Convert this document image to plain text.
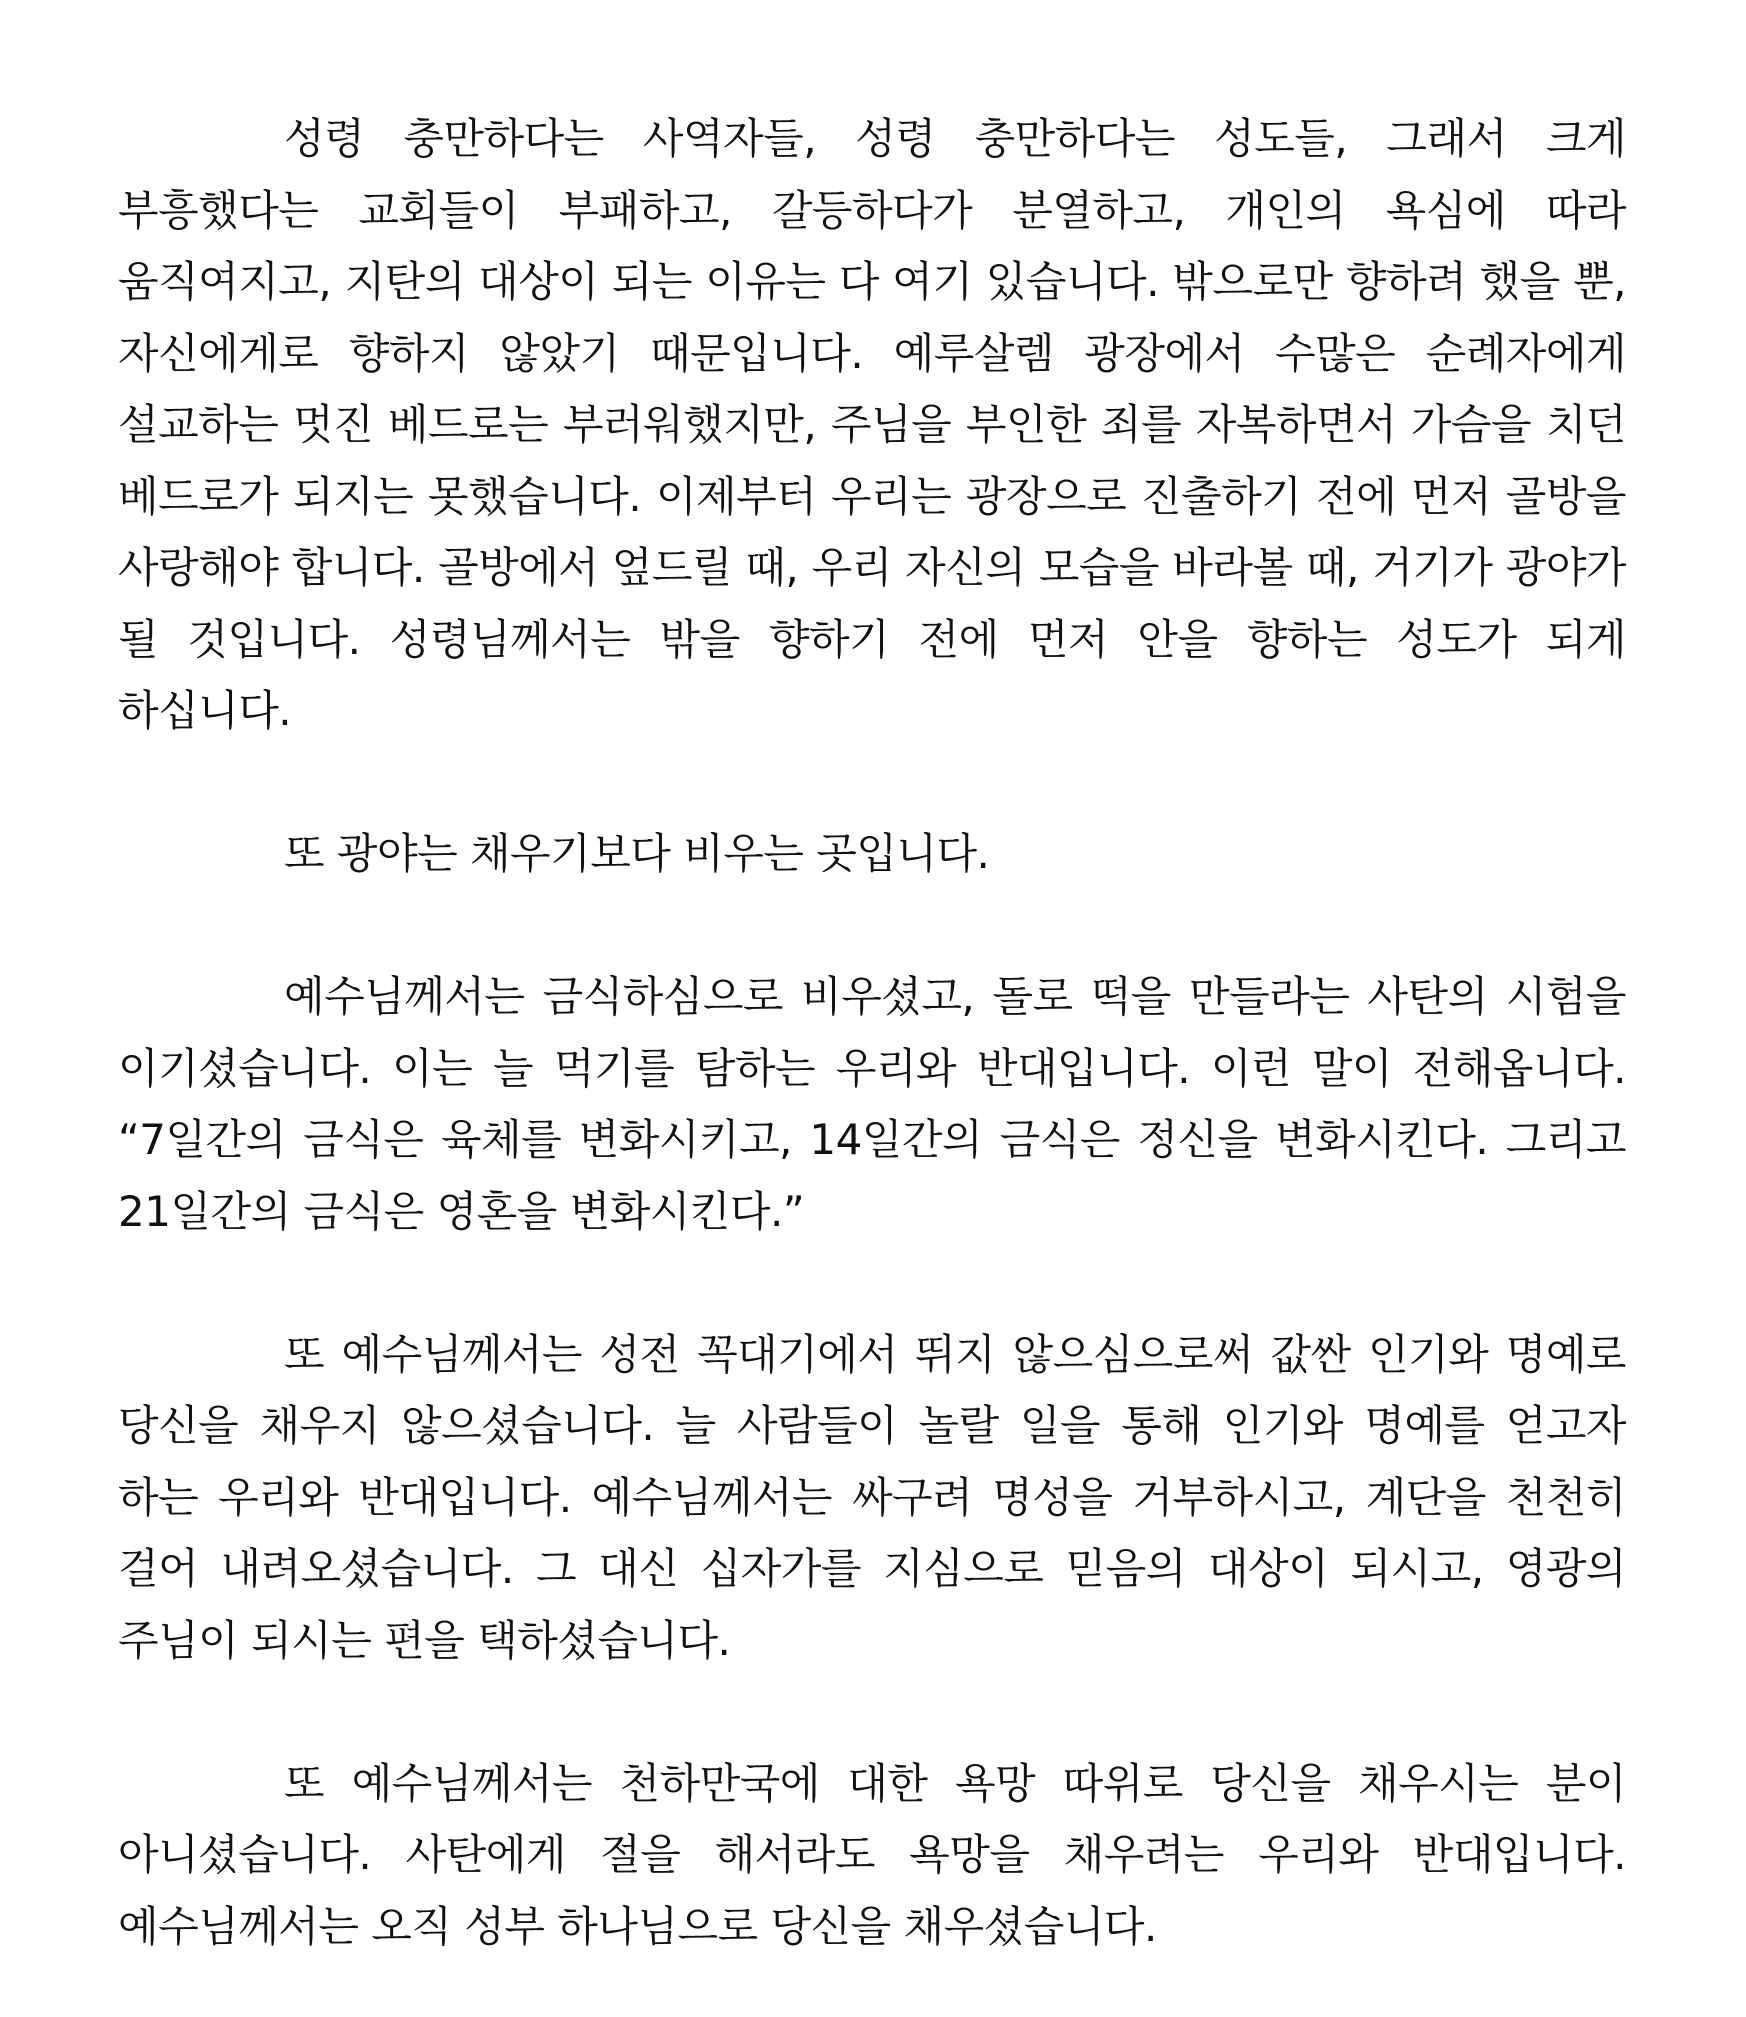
성령 충만하다는 사역자들, 성령 충만하다는 성도들, 그래서 크게 부흥했다는 교회들이 부패하고, 갈등하다가 분열하고, 개인의 욕심에 따라 움직여지고, 지탄의 대상이 되는 이유는 다 여기 있습니다. 밖으로만 향하려 했을 뿐, 자신에게로 향하지 않았기 때문입니다. 예루살렘 광장에서 수많은 순례자에게 설교하는 멋진 베드로는 부러워했지만, 주님을 부인한 죄를 자복하면서 가슴을 치던 베드로가 되지는 못했습니다. 이제부터 우리는 광장으로 진출하기 전에 먼저 골방을 사랑해야 합니다. 골방에서 엎드릴 때, 우리 자신의 모습을 바라볼 때, 거기가 광야가 될 것입니다. 성령님께서는 밖을 향하기 전에 먼저 안을 향하는 성도가 되게 하십니다.

또 광야는 채우기보다 비우는 곳입니다.

예수님께서는 금식하심으로 비우셨고, 돌로 떡을 만들라는 사탄의 시험을 이기셨습니다. 이는 늘 먹기를 탐하는 우리와 반대입니다. 이런 말이 전해옵니다. “7일간의 금식은 육체를 변화시키고, 14일간의 금식은 정신을 변화시킨다. 그리고 21일간의 금식은 영혼을 변화시킨다.”

또 예수님께서는 성전 꼭대기에서 뛰지 않으심으로써 값싼 인기와 명예로 당신을 채우지 않으셨습니다. 늘 사람들이 놀랄 일을 통해 인기와 명예를 얻고자 하는 우리와 반대입니다. 예수님께서는 싸구려 명성을 거부하시고, 계단을 천천히 걸어 내려오셨습니다. 그 대신 십자가를 지심으로 믿음의 대상이 되시고, 영광의 주님이 되시는 편을 택하셨습니다.

또 예수님께서는 천하만국에 대한 욕망 따위로 당신을 채우시는 분이 아니셨습니다. 사탄에게 절을 해서라도 욕망을 채우려는 우리와 반대입니다. 예수님께서는 오직 성부 하나님으로 당신을 채우셨습니다.
